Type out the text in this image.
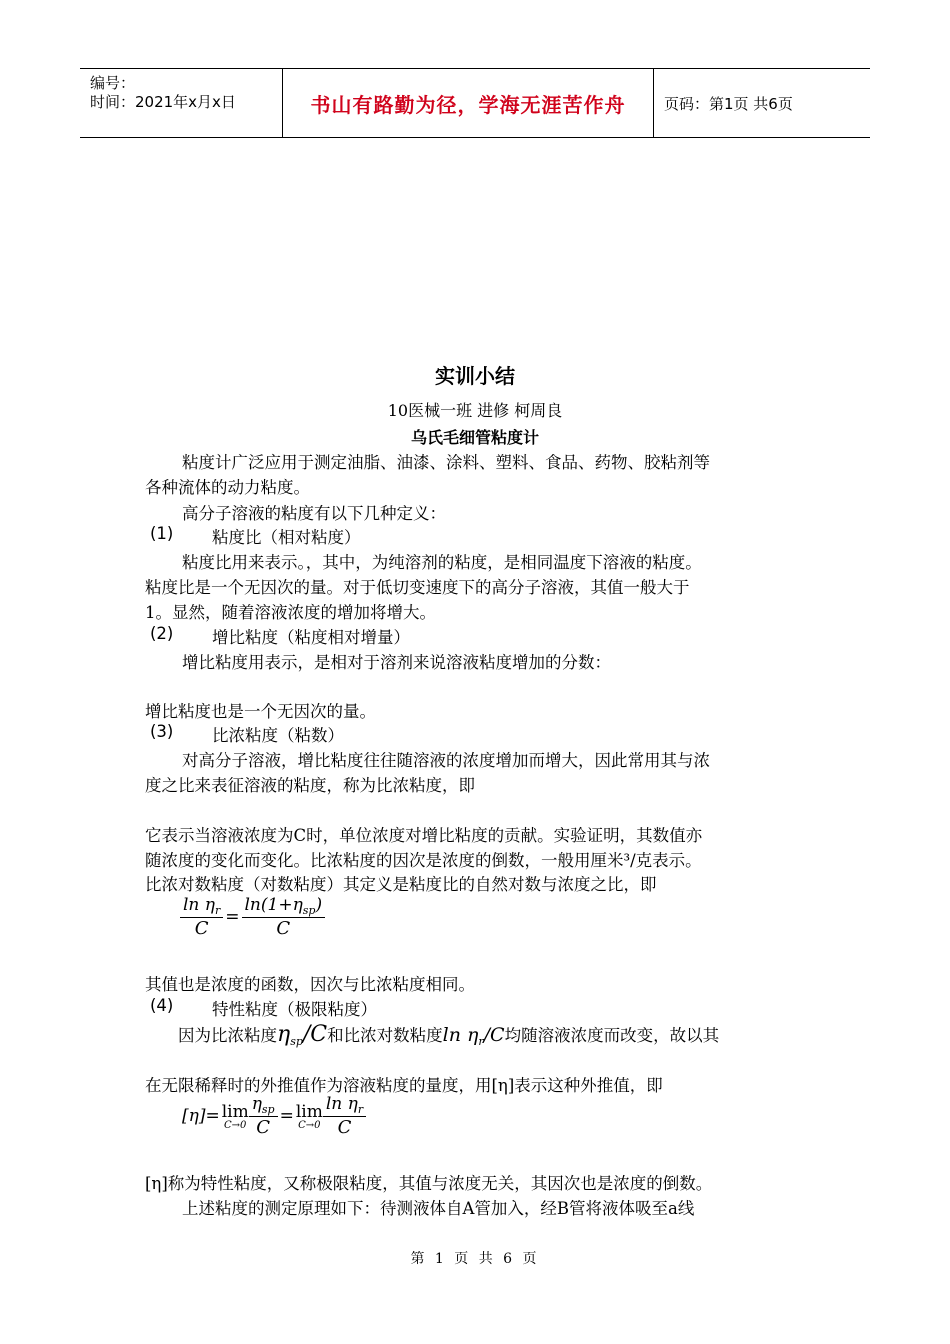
编号：
时间：2021年x月x日	书山有路勤为径，学海无涯苦作舟	页码：第1页 共6页
实训小结
10医械一班 进修 柯周良
乌氏毛细管粘度计
粘度计广泛应用于测定油脂、油漆、涂料、塑料、食品、药物、胶粘剂等
各种流体的动力粘度。
高分子溶液的粘度有以下几种定义：
(1) 粘度比（相对粘度）
粘度比用来表示。，其中，为纯溶剂的粘度，是相同温度下溶液的粘度。
粘度比是一个无因次的量。对于低切变速度下的高分子溶液，其值一般大于
1。显然，随着溶液浓度的增加将增大。
(2) 增比粘度（粘度相对增量）
增比粘度用表示，是相对于溶剂来说溶液粘度增加的分数：
增比粘度也是一个无因次的量。
(3) 比浓粘度（粘数）
对高分子溶液，增比粘度往往随溶液的浓度增加而增大，因此常用其与浓
度之比来表征溶液的粘度，称为比浓粘度，即
它表示当溶液浓度为C时，单位浓度对增比粘度的贡献。实验证明，其数值亦
随浓度的变化而变化。比浓粘度的因次是浓度的倒数，一般用厘米³/克表示。
比浓对数粘度（对数粘度）其定义是粘度比的自然对数与浓度之比，即
$\frac{\ln \eta_r}{C} = \frac{\ln(1+\eta_{sp})}{C}$
其值也是浓度的函数，因次与比浓粘度相同。
(4) 特性粘度（极限粘度）
因为比浓粘度$\eta_{sp}/C$和比浓对数粘度$\ln \eta_r/C$均随溶液浓度而改变，故以其
在无限稀释时的外推值作为溶液粘度的量度，用[η]表示这种外推值，即
[η]= lim
$C\to 0 \frac{\eta_{sp}}{C} = \lim$
$C\to 0 \frac{\ln \eta_r}{C}$
[η]称为特性粘度，又称极限粘度，其值与浓度无关，其因次也是浓度的倒数。
上述粘度的测定原理如下：待测液体自A管加入，经B管将液体吸至a线
第 1 页 共 6 页
